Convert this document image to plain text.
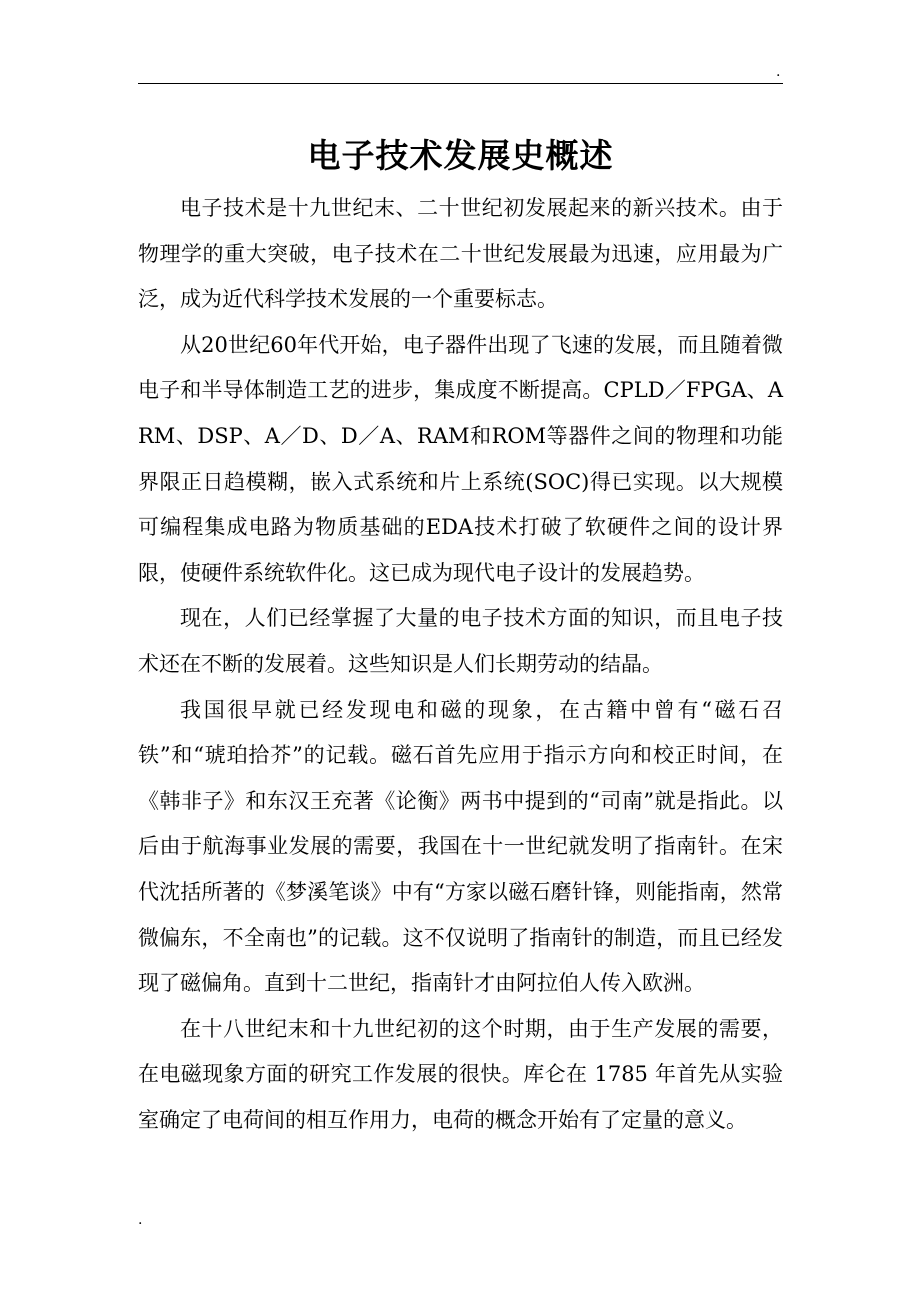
.
电子技术发展史概述

电子技术是十九世纪末、二十世纪初发展起来的新兴技术。由于物理学的重大突破，电子技术在二十世纪发展最为迅速，应用最为广泛，成为近代科学技术发展的一个重要标志。

从20世纪60年代开始，电子器件出现了飞速的发展，而且随着微电子和半导体制造工艺的进步，集成度不断提高。CPLD／FPGA、ARM、DSP、A／D、D／A、RAM和ROM等器件之间的物理和功能界限正日趋模糊，嵌入式系统和片上系统(SOC)得已实现。以大规模可编程集成电路为物质基础的EDA技术打破了软硬件之间的设计界限，使硬件系统软件化。这已成为现代电子设计的发展趋势。

现在，人们已经掌握了大量的电子技术方面的知识，而且电子技术还在不断的发展着。这些知识是人们长期劳动的结晶。

我国很早就已经发现电和磁的现象，在古籍中曾有“磁石召铁”和“琥珀拾芥”的记载。磁石首先应用于指示方向和校正时间，在《韩非子》和东汉王充著《论衡》两书中提到的“司南”就是指此。以后由于航海事业发展的需要，我国在十一世纪就发明了指南针。在宋代沈括所著的《梦溪笔谈》中有“方家以磁石磨针锋，则能指南，然常微偏东，不全南也”的记载。这不仅说明了指南针的制造，而且已经发现了磁偏角。直到十二世纪，指南针才由阿拉伯人传入欧洲。

在十八世纪末和十九世纪初的这个时期，由于生产发展的需要，在电磁现象方面的研究工作发展的很快。库仑在 1785 年首先从实验室确定了电荷间的相互作用力，电荷的概念开始有了定量的意义。

.
